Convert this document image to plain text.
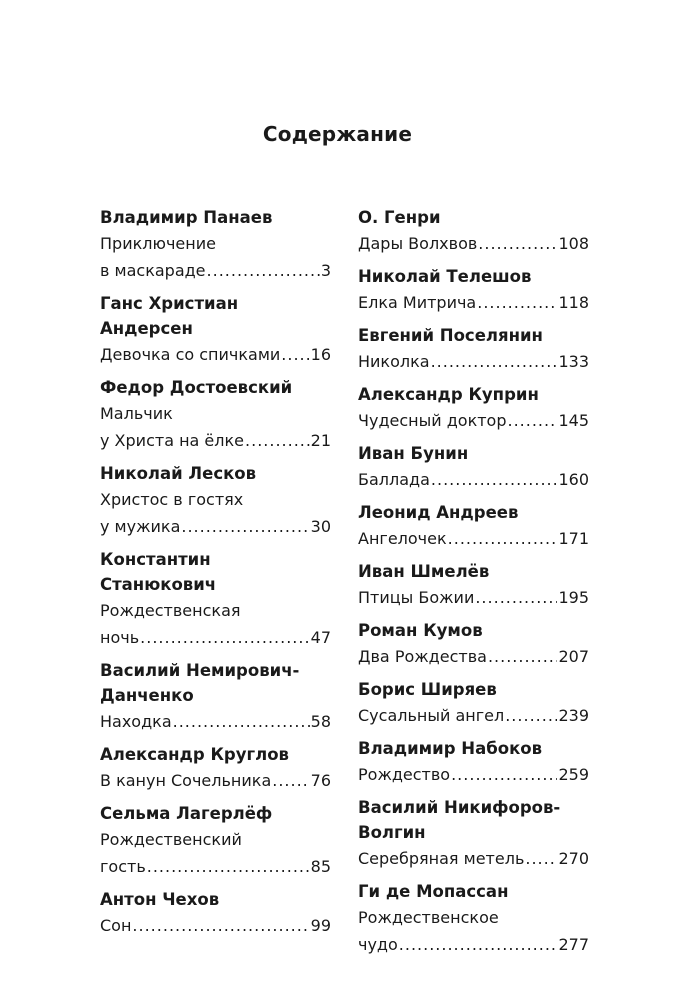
Содержание
Владимир Панаев
Приключение
в маскараде .....	3
Ганс Христиан
Андерсен
Девочка со спичками ..... 16
Федор Достоевский
Мальчик
у Христа на ёлке .....	21
Николай Лесков
Христос в гостях
у мужика .....	30
Константин
Станюкович
Рождественская
ночь .....	47
Василий Немирович-
Данченко
Находка .....	58
Александр Круглов
В канун Сочельника ..... 76
Сельма Лагерлёф
Рождественский
гость .....	85
Антон Чехов
Сон .....	99
О. Генри
Дары Волхвов .....	108
Николай Телешов
Елка Митрича .....	118
Евгений Поселянин
Николка .....	133
Александр Куприн
Чудесный доктор .....	145
Иван Бунин
Баллада .....	160
Леонид Андреев
Ангелочек .....	171
Иван Шмелёв
Птицы Божии .....	195
Роман Кумов
Два Рождества .....	207
Борис Ширяев
Сусальный ангел .....	239
Владимир Набоков
Рождество .....	259
Василий Никифоров-
Волгин
Серебряная метель ..... 270
Ги де Мопассан
Рождественское
чудо .....	277
